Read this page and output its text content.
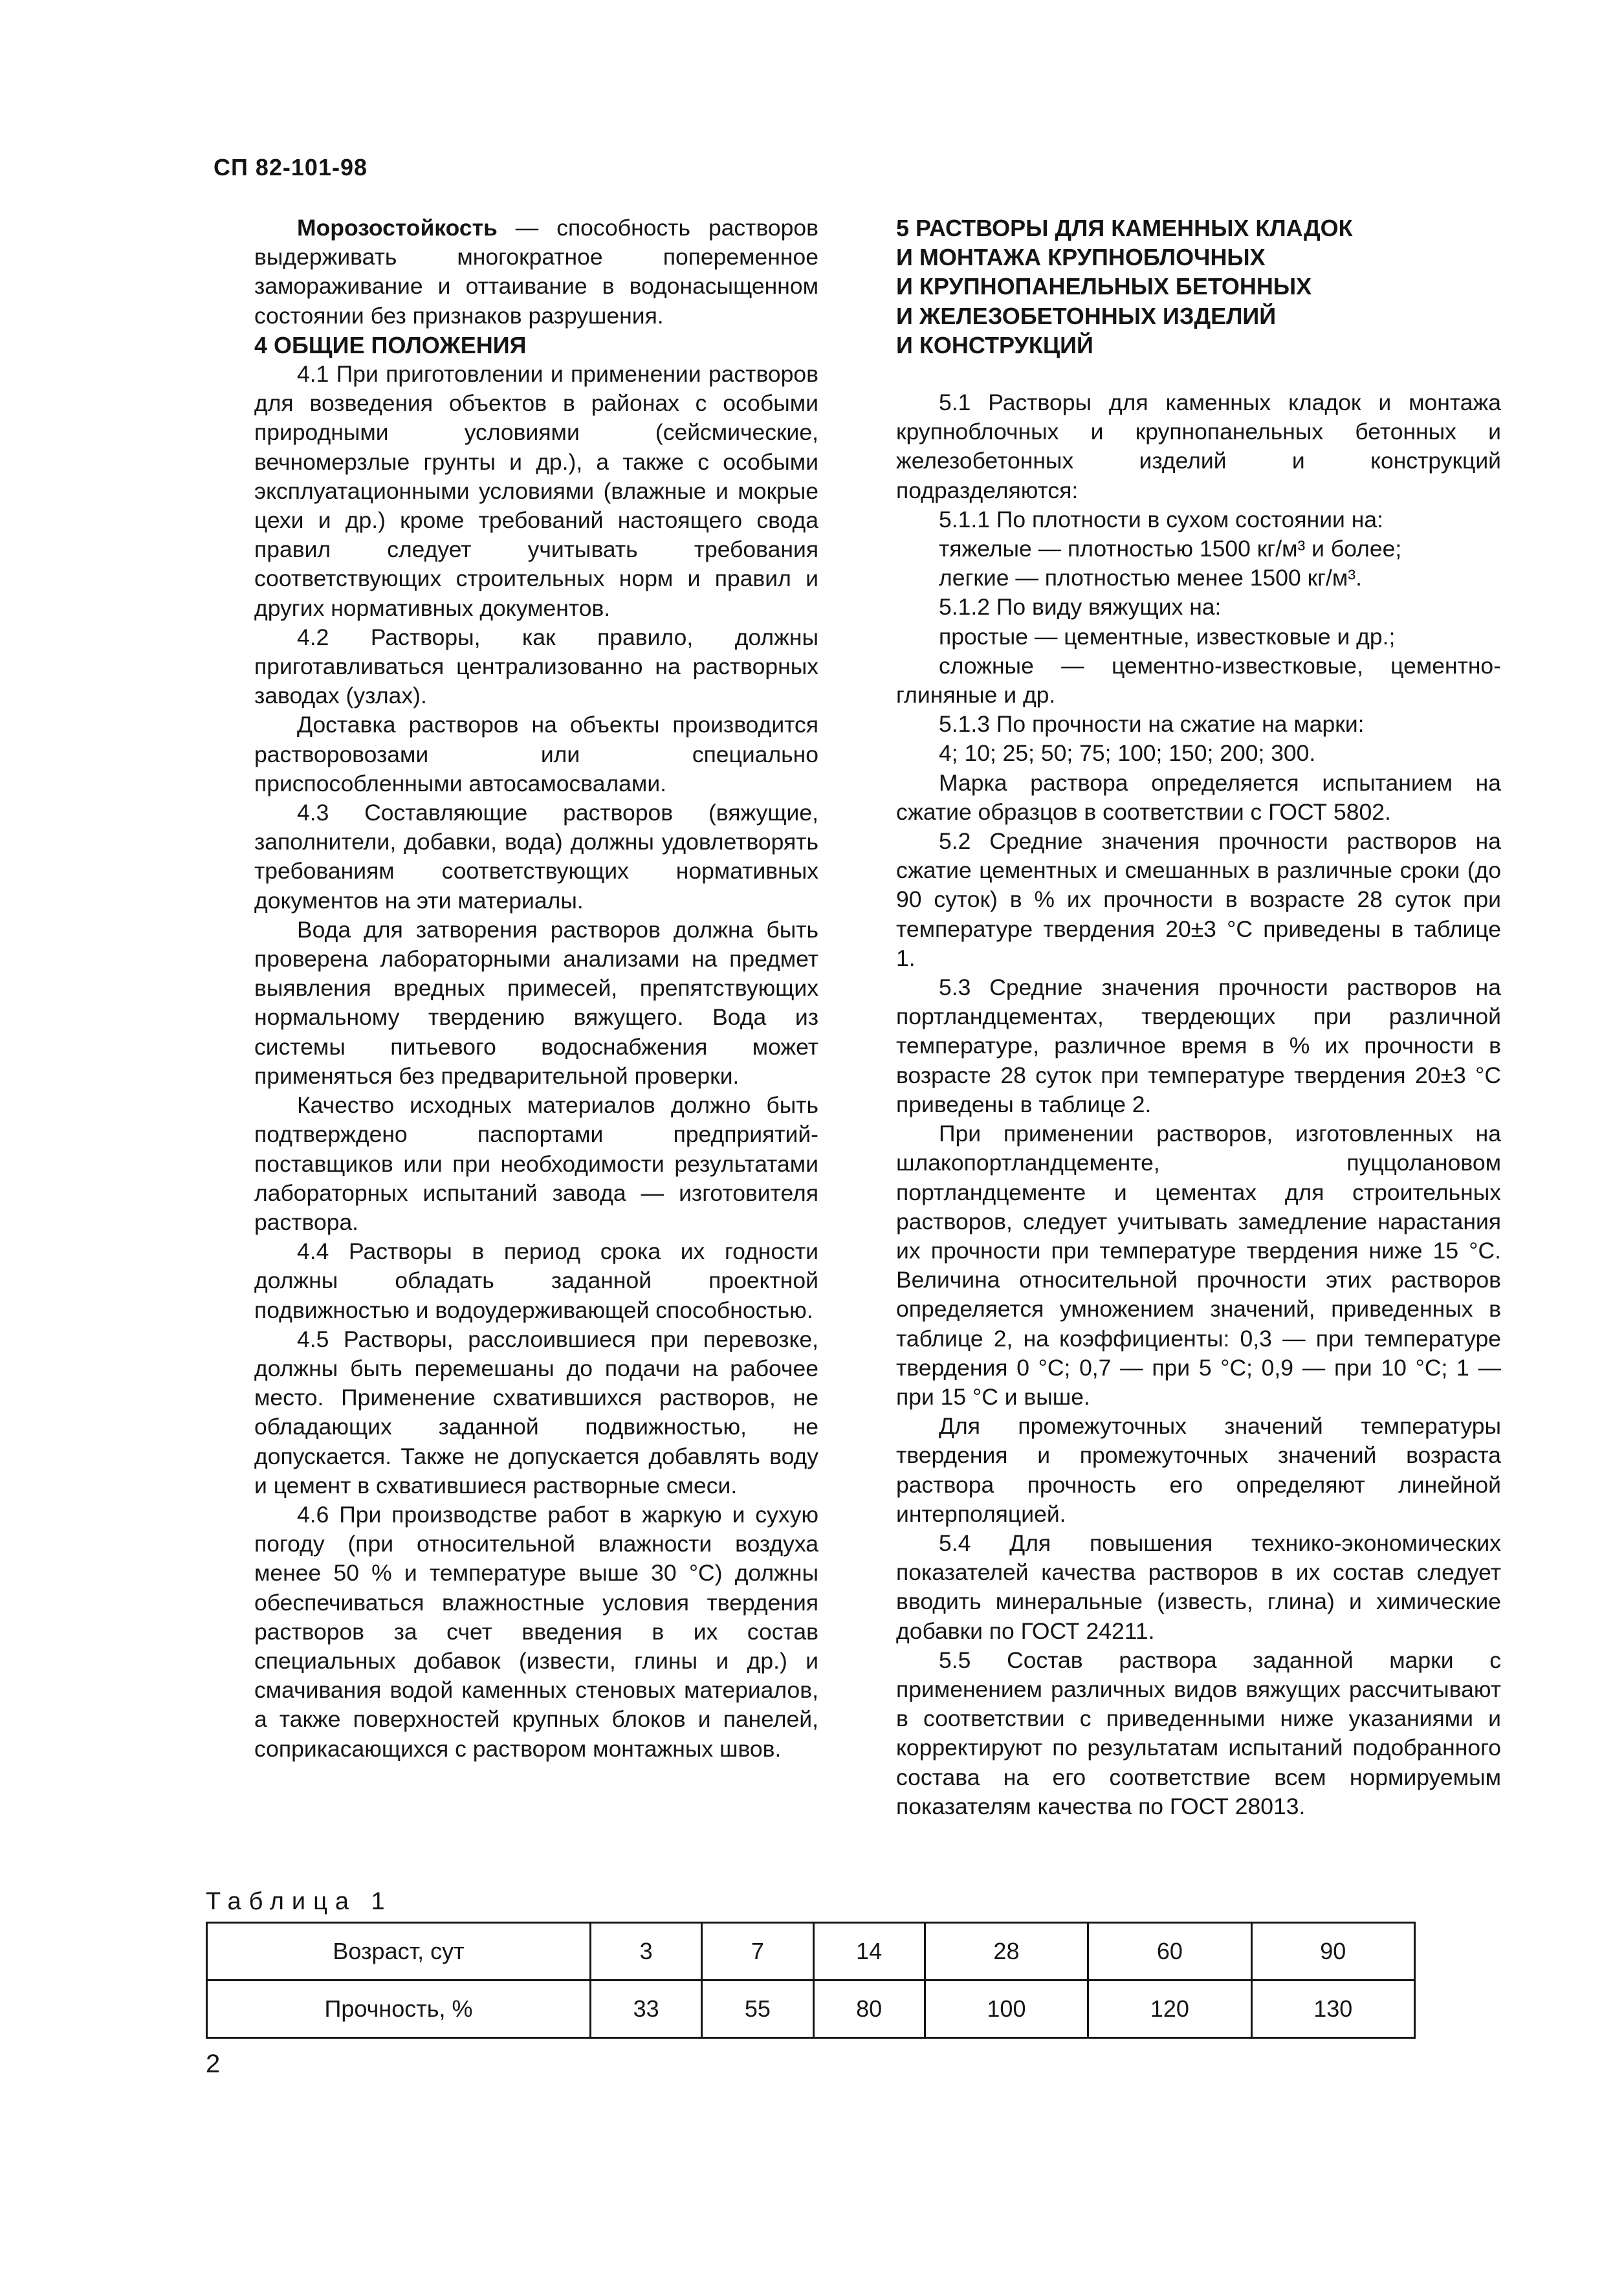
СП 82-101-98

Морозостойкость — способность растворов выдерживать многократное попеременное замораживание и оттаивание в водонасыщенном состоянии без признаков разрушения.

4 ОБЩИЕ ПОЛОЖЕНИЯ

4.1 При приготовлении и применении растворов для возведения объектов в районах с особыми природными условиями (сейсмические, вечномерзлые грунты и др.), а также с особыми эксплуатационными условиями (влажные и мокрые цехи и др.) кроме требований настоящего свода правил следует учитывать требования соответствующих строительных норм и правил и других нормативных документов.

4.2 Растворы, как правило, должны приготавливаться централизованно на растворных заводах (узлах).

Доставка растворов на объекты производится растворовозами или специально приспособленными автосамосвалами.

4.3 Составляющие растворов (вяжущие, заполнители, добавки, вода) должны удовлетворять требованиям соответствующих нормативных документов на эти материалы.

Вода для затворения растворов должна быть проверена лабораторными анализами на предмет выявления вредных примесей, препятствующих нормальному твердению вяжущего. Вода из системы питьевого водоснабжения может применяться без предварительной проверки.

Качество исходных материалов должно быть подтверждено паспортами предприятий-поставщиков или при необходимости результатами лабораторных испытаний завода — изготовителя раствора.

4.4 Растворы в период срока их годности должны обладать заданной проектной подвижностью и водоудерживающей способностью.

4.5 Растворы, расслоившиеся при перевозке, должны быть перемешаны до подачи на рабочее место. Применение схватившихся растворов, не обладающих заданной подвижностью, не допускается. Также не допускается добавлять воду и цемент в схватившиеся растворные смеси.

4.6 При производстве работ в жаркую и сухую погоду (при относительной влажности воздуха менее 50 % и температуре выше 30 °С) должны обеспечиваться влажностные условия твердения растворов за счет введения в их состав специальных добавок (извести, глины и др.) и смачивания водой каменных стеновых материалов, а также поверхностей крупных блоков и панелей, соприкасающихся с раствором монтажных швов.

5 РАСТВОРЫ ДЛЯ КАМЕННЫХ КЛАДОК

И МОНТАЖА КРУПНОБЛОЧНЫХ

И КРУПНОПАНЕЛЬНЫХ БЕТОННЫХ

И ЖЕЛЕЗОБЕТОННЫХ ИЗДЕЛИЙ

И КОНСТРУКЦИЙ

5.1 Растворы для каменных кладок и монтажа крупноблочных и крупнопанельных бетонных и железобетонных изделий и конструкций подразделяются:

5.1.1 По плотности в сухом состоянии на:

тяжелые — плотностью 1500 кг/м³ и более;

легкие — плотностью менее 1500 кг/м³.

5.1.2 По виду вяжущих на:

простые — цементные, известковые и др.;

сложные — цементно-известковые, цементно-глиняные и др.

5.1.3 По прочности на сжатие на марки:

4; 10; 25; 50; 75; 100; 150; 200; 300.

Марка раствора определяется испытанием на сжатие образцов в соответствии с ГОСТ 5802.

5.2 Средние значения прочности растворов на сжатие цементных и смешанных в различные сроки (до 90 суток) в % их прочности в возрасте 28 суток при температуре твердения 20±3 °С приведены в таблице 1.

5.3 Средние значения прочности растворов на портландцементах, твердеющих при различной температуре, различное время в % их прочности в возрасте 28 суток при температуре твердения 20±3 °С приведены в таблице 2.

При применении растворов, изготовленных на шлакопортландцементе, пуццолановом портландцементе и цементах для строительных растворов, следует учитывать замедление нарастания их прочности при температуре твердения ниже 15 °С. Величина относительной прочности этих растворов определяется умножением значений, приведенных в таблице 2, на коэффициенты: 0,3 — при температуре твердения 0 °С; 0,7 — при 5 °С; 0,9 — при 10 °С; 1 — при 15 °С и выше.

Для промежуточных значений температуры твердения и промежуточных значений возраста раствора прочность его определяют линейной интерполяцией.

5.4 Для повышения технико-экономических показателей качества растворов в их состав следует вводить минеральные (известь, глина) и химические добавки по ГОСТ 24211.

5.5 Состав раствора заданной марки с применением различных видов вяжущих рассчитывают в соответствии с приведенными ниже указаниями и корректируют по результатам испытаний подобранного состава на его соответствие всем нормируемым показателям качества по ГОСТ 28013.

Таблица 1
Возраст, сут	3	7	14	28	60	90
Прочность, %	33	55	80	100	120	130
2
